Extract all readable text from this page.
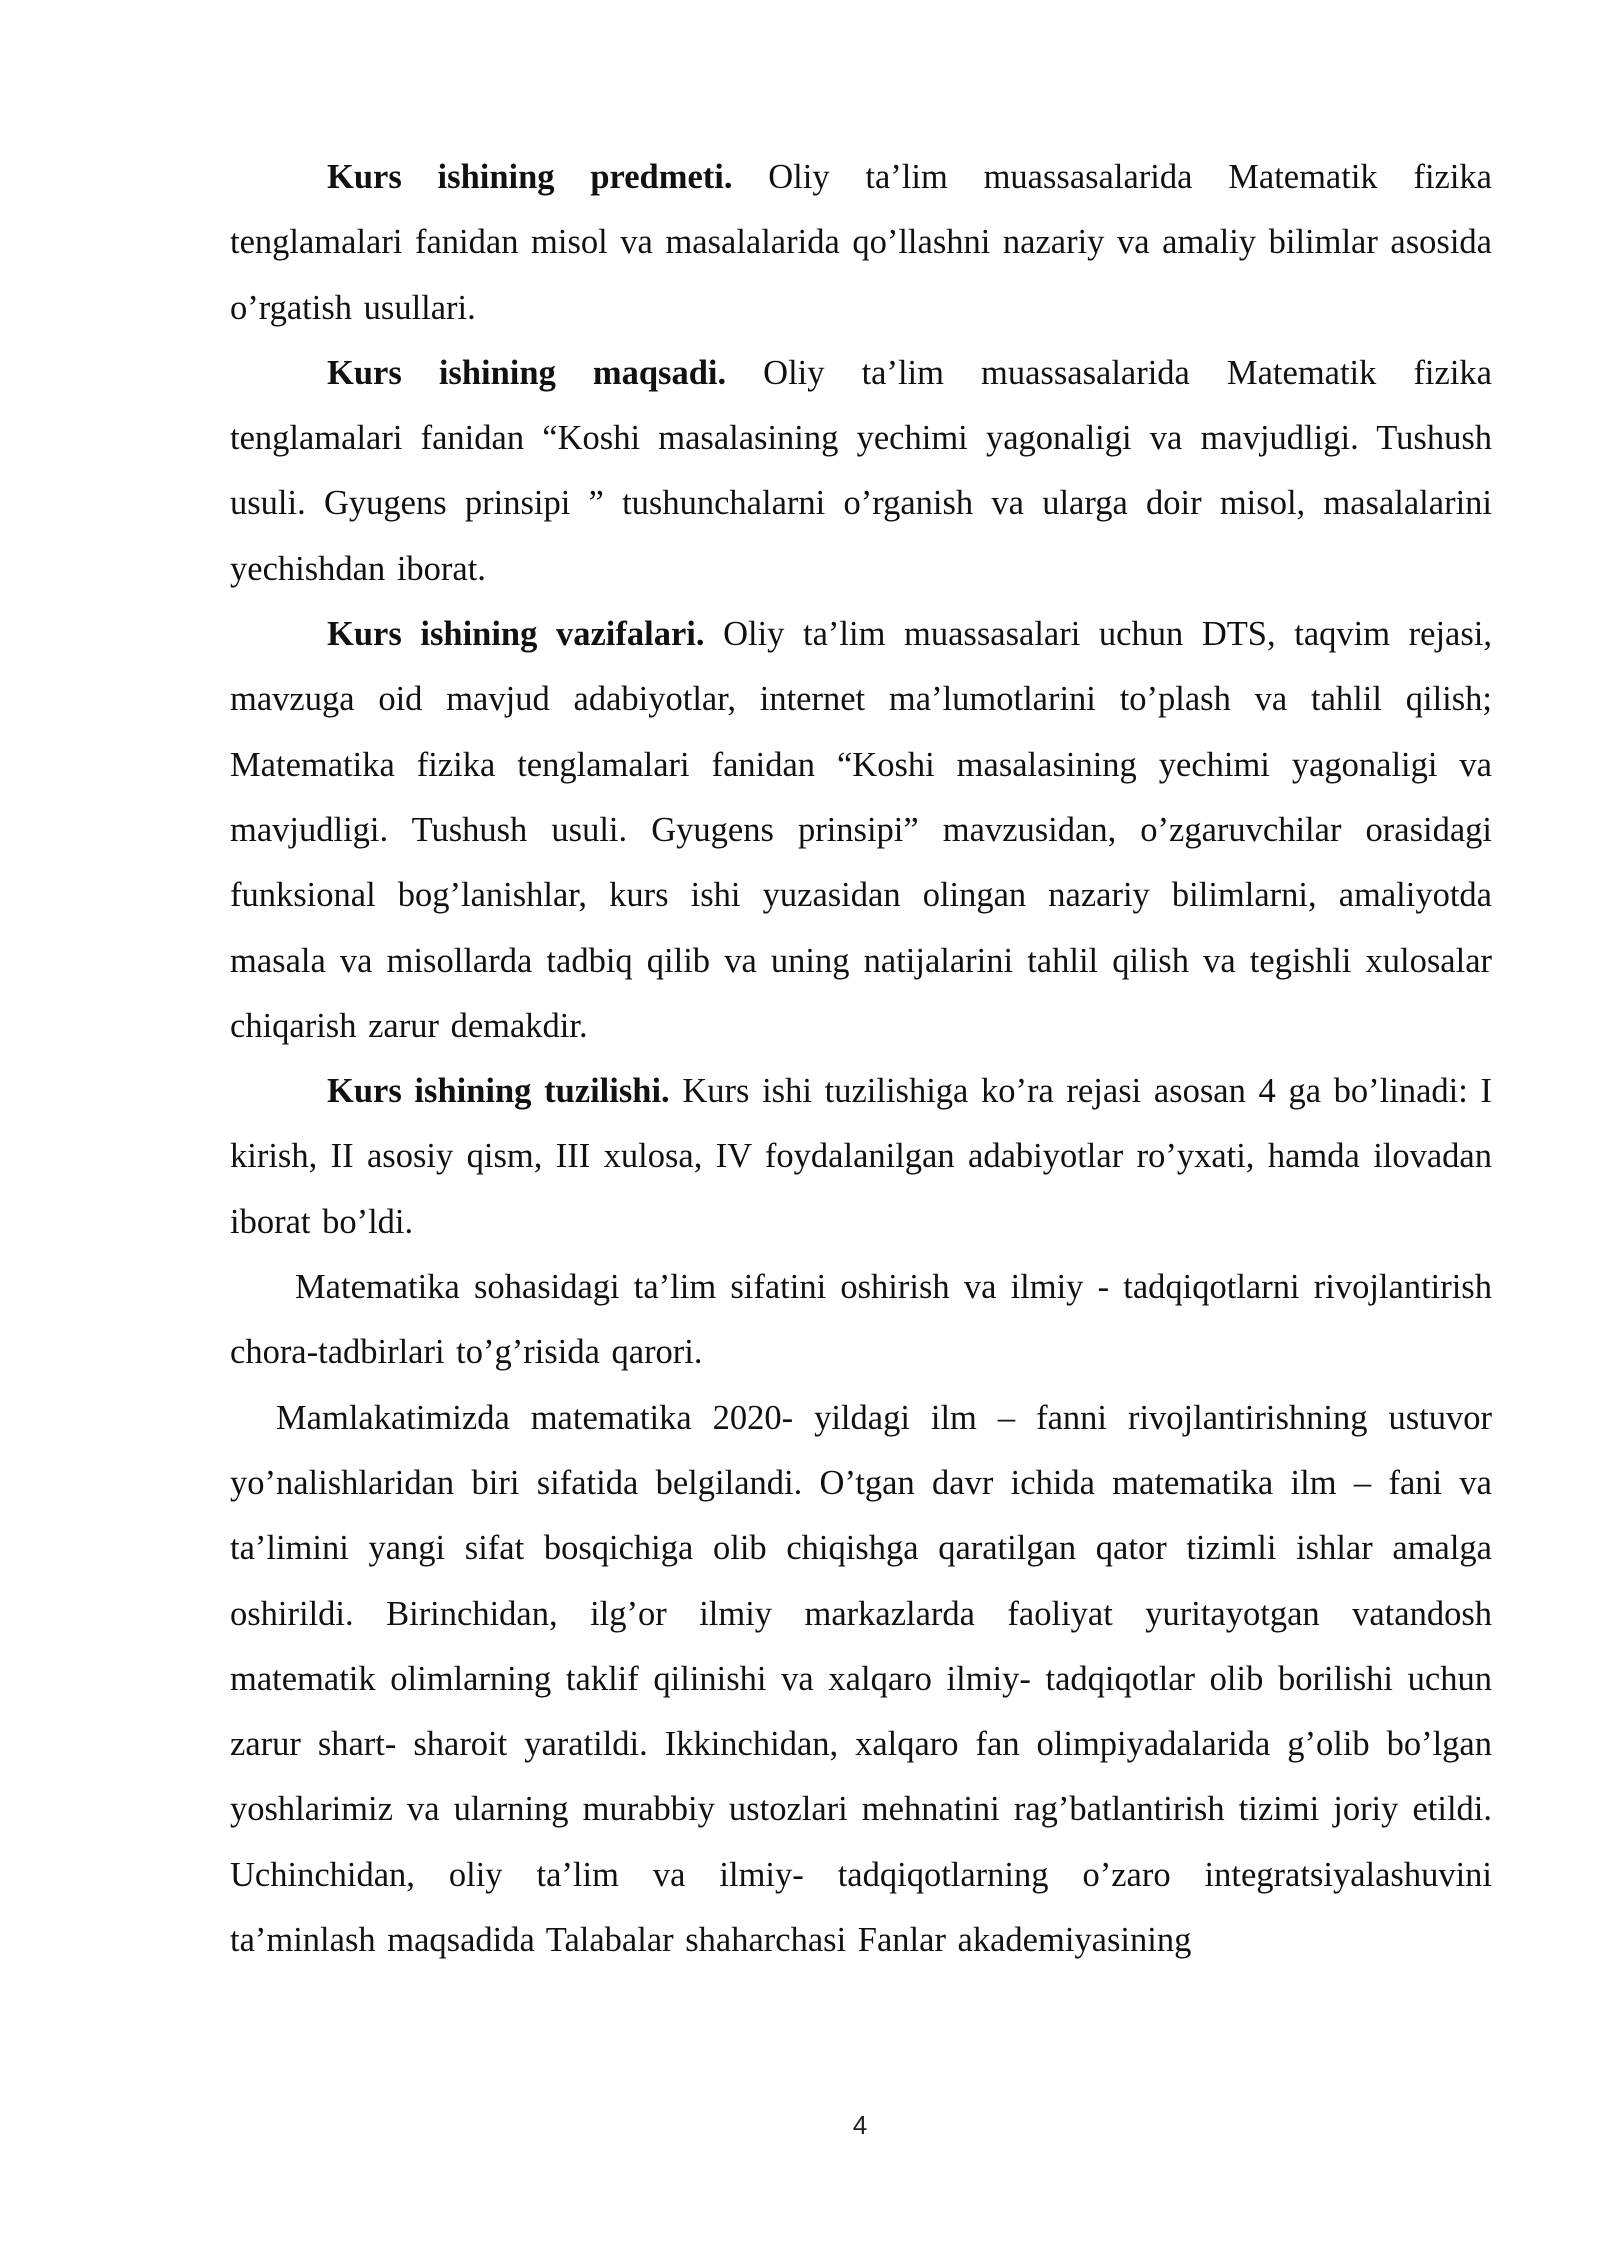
Kurs ishining predmeti. Oliy ta’lim muassasalarida Matematik fizika tenglamalari fanidan misol va masalalarida qo’llashni nazariy va amaliy bilimlar asosida o’rgatish usullari.

Kurs ishining maqsadi. Oliy ta’lim muassasalarida Matematik fizika tenglamalari fanidan “Koshi masalasining yechimi yagonaligi va mavjudligi. Tushush usuli. Gyugens prinsipi ” tushunchalarni o’rganish va ularga doir misol, masalalarini yechishdan iborat.

Kurs ishining vazifalari. Oliy ta’lim muassasalari uchun DTS, taqvim rejasi, mavzuga oid mavjud adabiyotlar, internet ma’lumotlarini to’plash va tahlil qilish; Matematika fizika tenglamalari fanidan “Koshi masalasining yechimi yagonaligi va mavjudligi. Tushush usuli. Gyugens prinsipi” mavzusidan, o’zgaruvchilar orasidagi funksional bog’lanishlar, kurs ishi yuzasidan olingan nazariy bilimlarni, amaliyotda masala va misollarda tadbiq qilib va uning natijalarini tahlil qilish va tegishli xulosalar chiqarish zarur demakdir.

Kurs ishining tuzilishi. Kurs ishi tuzilishiga ko’ra rejasi asosan 4 ga bo’linadi: I kirish, II asosiy qism, III xulosa, IV foydalanilgan adabiyotlar ro’yxati, hamda ilovadan iborat bo’ldi.

Matematika sohasidagi ta’lim sifatini oshirish va ilmiy - tadqiqotlarni rivojlantirish chora-tadbirlari to’g’risida qarori.

Mamlakatimizda matematika 2020- yildagi ilm – fanni rivojlantirishning ustuvor yo’nalishlaridan biri sifatida belgilandi. O’tgan davr ichida matematika ilm – fani va ta’limini yangi sifat bosqichiga olib chiqishga qaratilgan qator tizimli ishlar amalga oshirildi. Birinchidan, ilg’or ilmiy markazlarda faoliyat yuritayotgan vatandosh matematik olimlarning taklif qilinishi va xalqaro ilmiy- tadqiqotlar olib borilishi uchun zarur shart- sharoit yaratildi. Ikkinchidan, xalqaro fan olimpiyadalarida g’olib bo’lgan yoshlarimiz va ularning murabbiy ustozlari mehnatini rag’batlantirish tizimi joriy etildi. Uchinchidan, oliy ta’lim va ilmiy- tadqiqotlarning o’zaro integratsiyalashuvini ta’minlash maqsadida Talabalar shaharchasi Fanlar akademiyasining

4
